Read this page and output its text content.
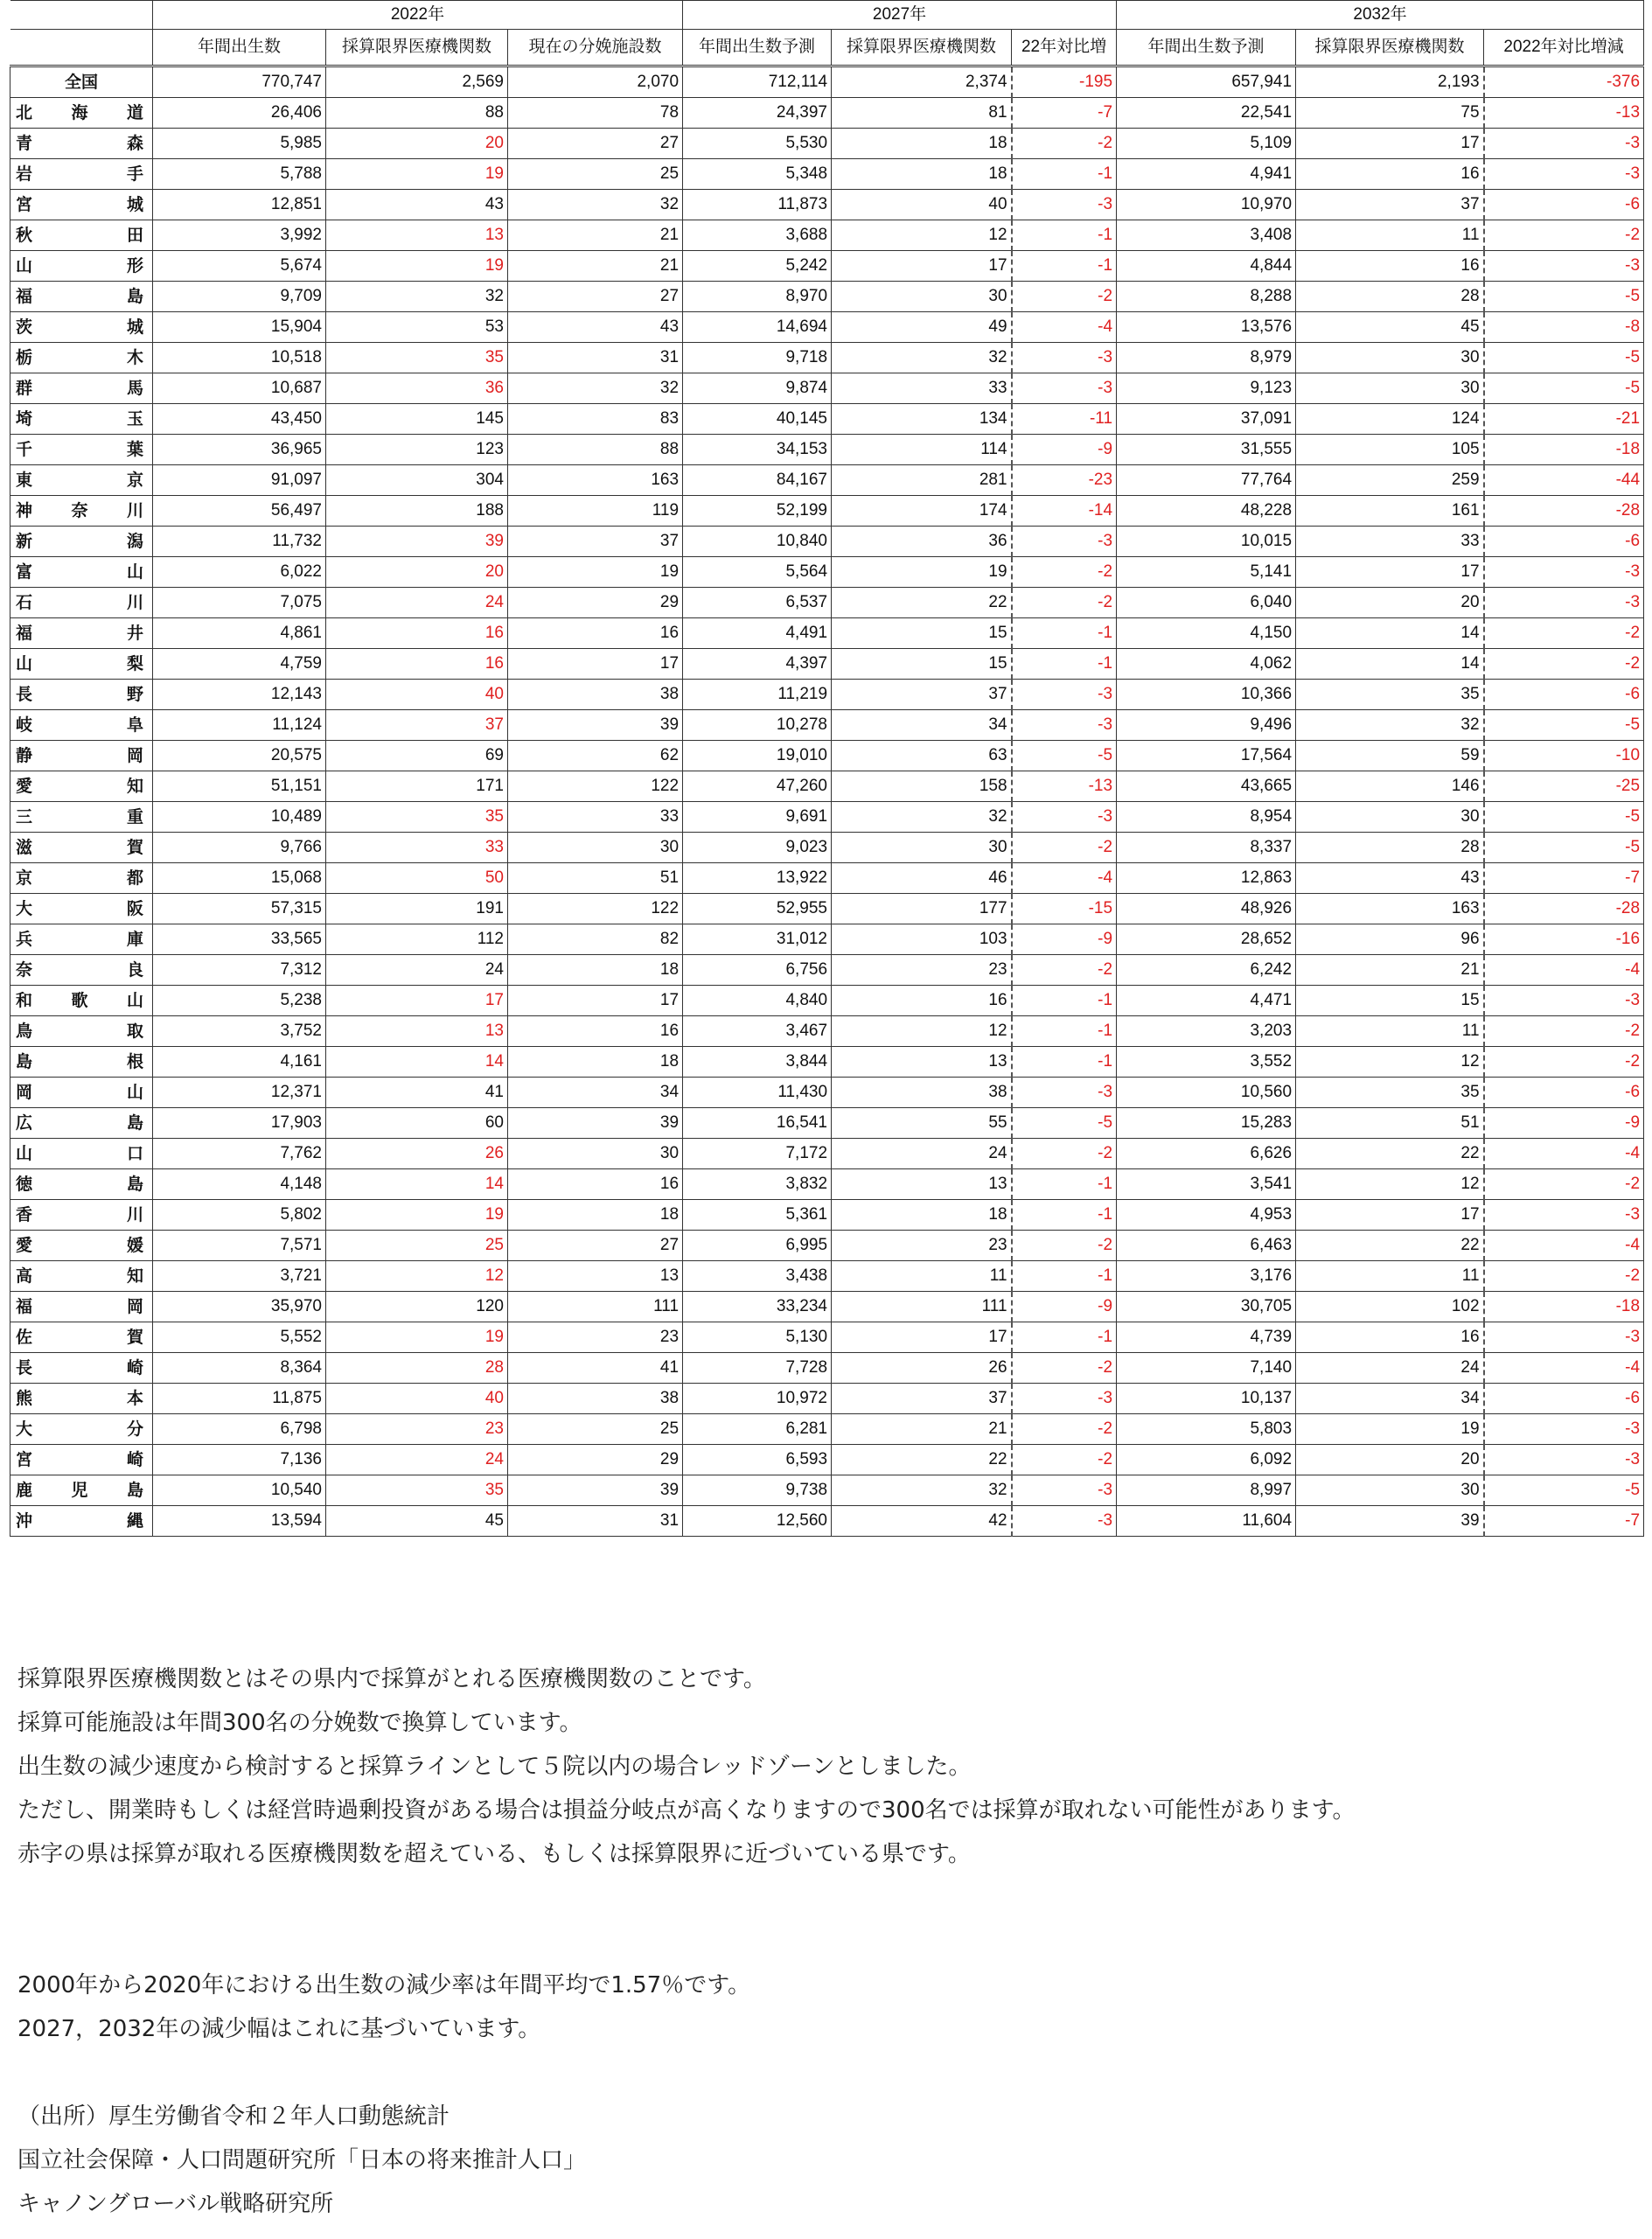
	2022年			2027年			2032年		
	年間出生数	採算限界医療機関数	現在の分娩施設数	年間出生数予測	採算限界医療機関数	22年対比増	年間出生数予測	採算限界医療機関数	2022年対比増減
全国	770,747	2,569	2,070	712,114	2,374	-195	657,941	2,193	-376
北海道	26,406	88	78	24,397	81	-7	22,541	75	-13
青森	5,985	20	27	5,530	18	-2	5,109	17	-3
岩手	5,788	19	25	5,348	18	-1	4,941	16	-3
宮城	12,851	43	32	11,873	40	-3	10,970	37	-6
秋田	3,992	13	21	3,688	12	-1	3,408	11	-2
山形	5,674	19	21	5,242	17	-1	4,844	16	-3
福島	9,709	32	27	8,970	30	-2	8,288	28	-5
茨城	15,904	53	43	14,694	49	-4	13,576	45	-8
栃木	10,518	35	31	9,718	32	-3	8,979	30	-5
群馬	10,687	36	32	9,874	33	-3	9,123	30	-5
埼玉	43,450	145	83	40,145	134	-11	37,091	124	-21
千葉	36,965	123	88	34,153	114	-9	31,555	105	-18
東京	91,097	304	163	84,167	281	-23	77,764	259	-44
神奈川	56,497	188	119	52,199	174	-14	48,228	161	-28
新潟	11,732	39	37	10,840	36	-3	10,015	33	-6
富山	6,022	20	19	5,564	19	-2	5,141	17	-3
石川	7,075	24	29	6,537	22	-2	6,040	20	-3
福井	4,861	16	16	4,491	15	-1	4,150	14	-2
山梨	4,759	16	17	4,397	15	-1	4,062	14	-2
長野	12,143	40	38	11,219	37	-3	10,366	35	-6
岐阜	11,124	37	39	10,278	34	-3	9,496	32	-5
静岡	20,575	69	62	19,010	63	-5	17,564	59	-10
愛知	51,151	171	122	47,260	158	-13	43,665	146	-25
三重	10,489	35	33	9,691	32	-3	8,954	30	-5
滋賀	9,766	33	30	9,023	30	-2	8,337	28	-5
京都	15,068	50	51	13,922	46	-4	12,863	43	-7
大阪	57,315	191	122	52,955	177	-15	48,926	163	-28
兵庫	33,565	112	82	31,012	103	-9	28,652	96	-16
奈良	7,312	24	18	6,756	23	-2	6,242	21	-4
和歌山	5,238	17	17	4,840	16	-1	4,471	15	-3
鳥取	3,752	13	16	3,467	12	-1	3,203	11	-2
島根	4,161	14	18	3,844	13	-1	3,552	12	-2
岡山	12,371	41	34	11,430	38	-3	10,560	35	-6
広島	17,903	60	39	16,541	55	-5	15,283	51	-9
山口	7,762	26	30	7,172	24	-2	6,626	22	-4
徳島	4,148	14	16	3,832	13	-1	3,541	12	-2
香川	5,802	19	18	5,361	18	-1	4,953	17	-3
愛媛	7,571	25	27	6,995	23	-2	6,463	22	-4
高知	3,721	12	13	3,438	11	-1	3,176	11	-2
福岡	35,970	120	111	33,234	111	-9	30,705	102	-18
佐賀	5,552	19	23	5,130	17	-1	4,739	16	-3
長崎	8,364	28	41	7,728	26	-2	7,140	24	-4
熊本	11,875	40	38	10,972	37	-3	10,137	34	-6
大分	6,798	23	25	6,281	21	-2	5,803	19	-3
宮崎	7,136	24	29	6,593	22	-2	6,092	20	-3
鹿児島	10,540	35	39	9,738	32	-3	8,997	30	-5
沖縄	13,594	45	31	12,560	42	-3	11,604	39	-7

採算限界医療機関数とはその県内で採算がとれる医療機関数のことです。

採算可能施設は年間300名の分娩数で換算しています。

出生数の減少速度から検討すると採算ラインとして５院以内の場合レッドゾーンとしました。

ただし、開業時もしくは経営時過剰投資がある場合は損益分岐点が高くなりますので300名では採算が取れない可能性があります。

赤字の県は採算が取れる医療機関数を超えている、もしくは採算限界に近づいている県です。

2000年から2020年における出生数の減少率は年間平均で1.57％です。

2027，2032年の減少幅はこれに基づいています。

（出所）厚生労働省令和２年人口動態統計

国立社会保障・人口問題研究所「日本の将来推計人口」

キャノングローバル戦略研究所
